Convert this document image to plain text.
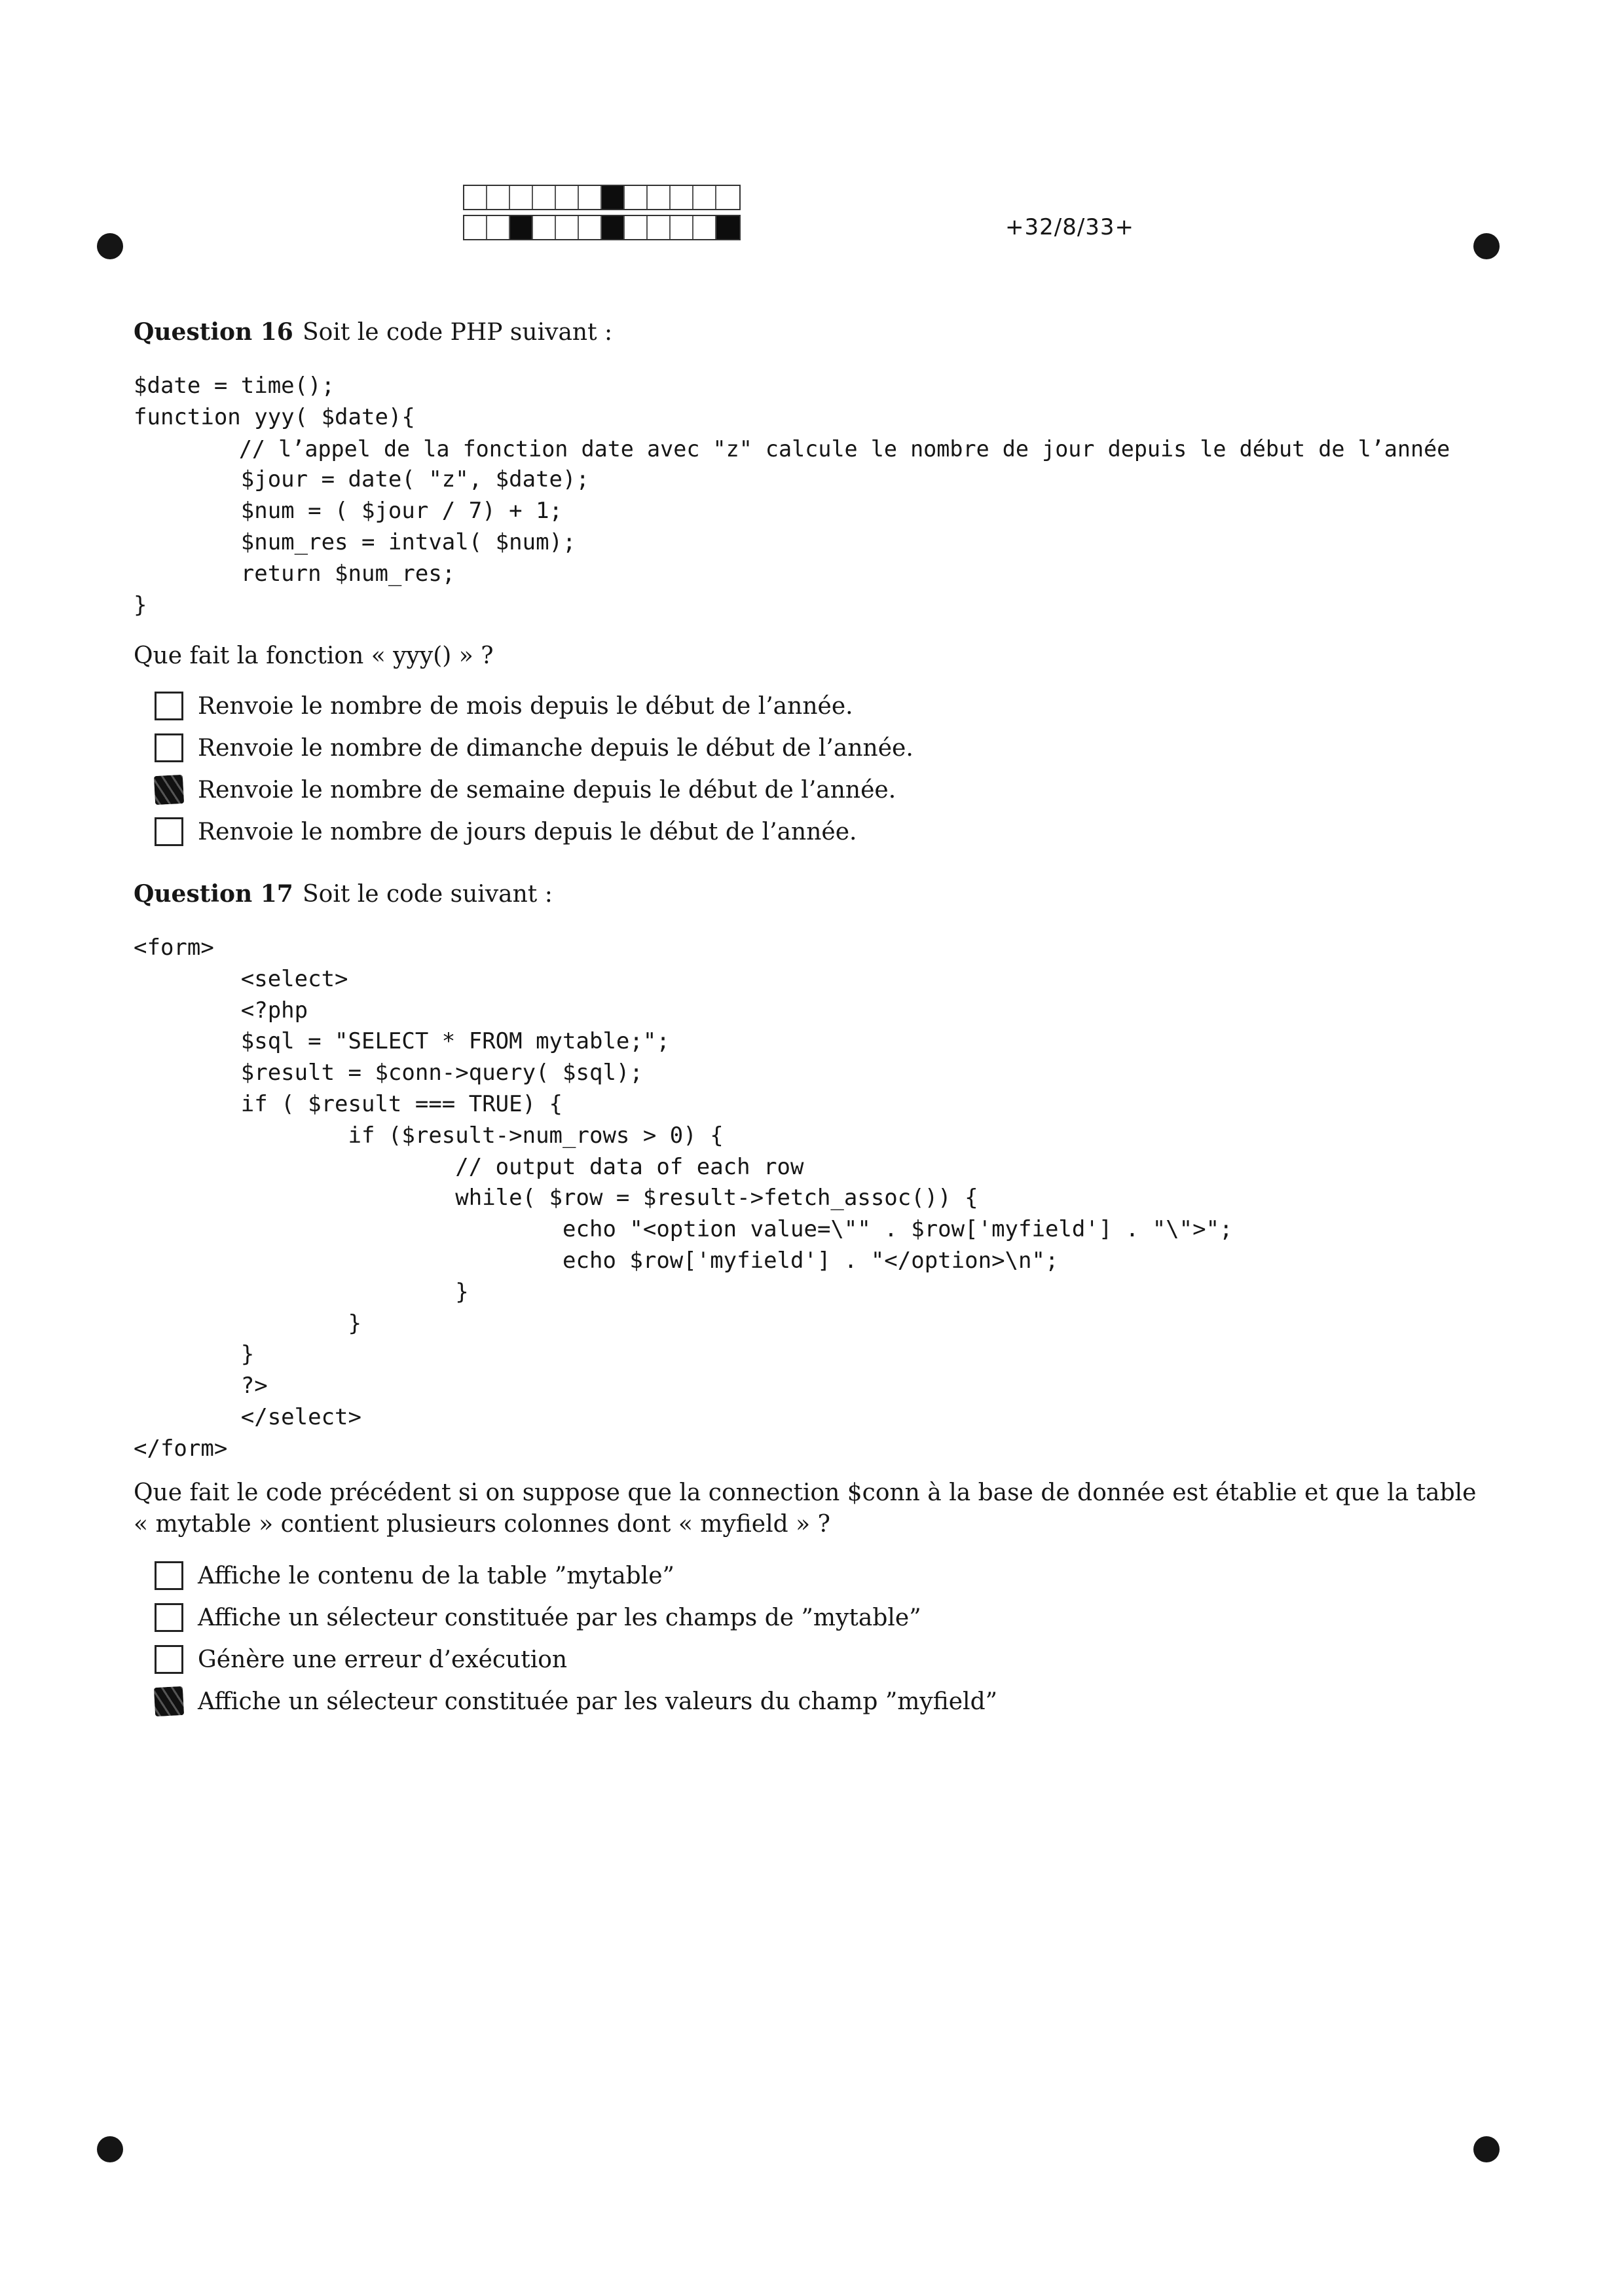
+32/8/33+
Question 16 Soit le code PHP suivant :
$date = time();
function yyy( $date){
// l’appel de la fonction date avec "z" calcule le nombre de jour depuis le début de l’année
$jour = date( "z", $date);
$num = ( $jour / 7) + 1;
$num_res = intval( $num);
return $num_res;
}
Que fait la fonction « yyy() » ?
Renvoie le nombre de mois depuis le début de l’année.
Renvoie le nombre de dimanche depuis le début de l’année.
Renvoie le nombre de semaine depuis le début de l’année.
Renvoie le nombre de jours depuis le début de l’année.
Question 17 Soit le code suivant :
<form>
<select>
<?php
$sql = "SELECT * FROM mytable;";
$result = $conn->query( $sql);
if ( $result === TRUE) {
if ($result->num_rows > 0) {
// output data of each row
while( $row = $result->fetch_assoc()) {
echo "<option value=\"" . $row['myfield'] . "\">";
echo $row['myfield'] . "</option>\n";
}
}
}
?>
</select>
</form>
Que fait le code précédent si on suppose que la connection $conn à la base de donnée est établie et que la table « mytable » contient plusieurs colonnes dont « myfield » ?
Affiche le contenu de la table ”mytable”
Affiche un sélecteur constituée par les champs de ”mytable”
Génère une erreur d’exécution
Affiche un sélecteur constituée par les valeurs du champ ”myfield”
